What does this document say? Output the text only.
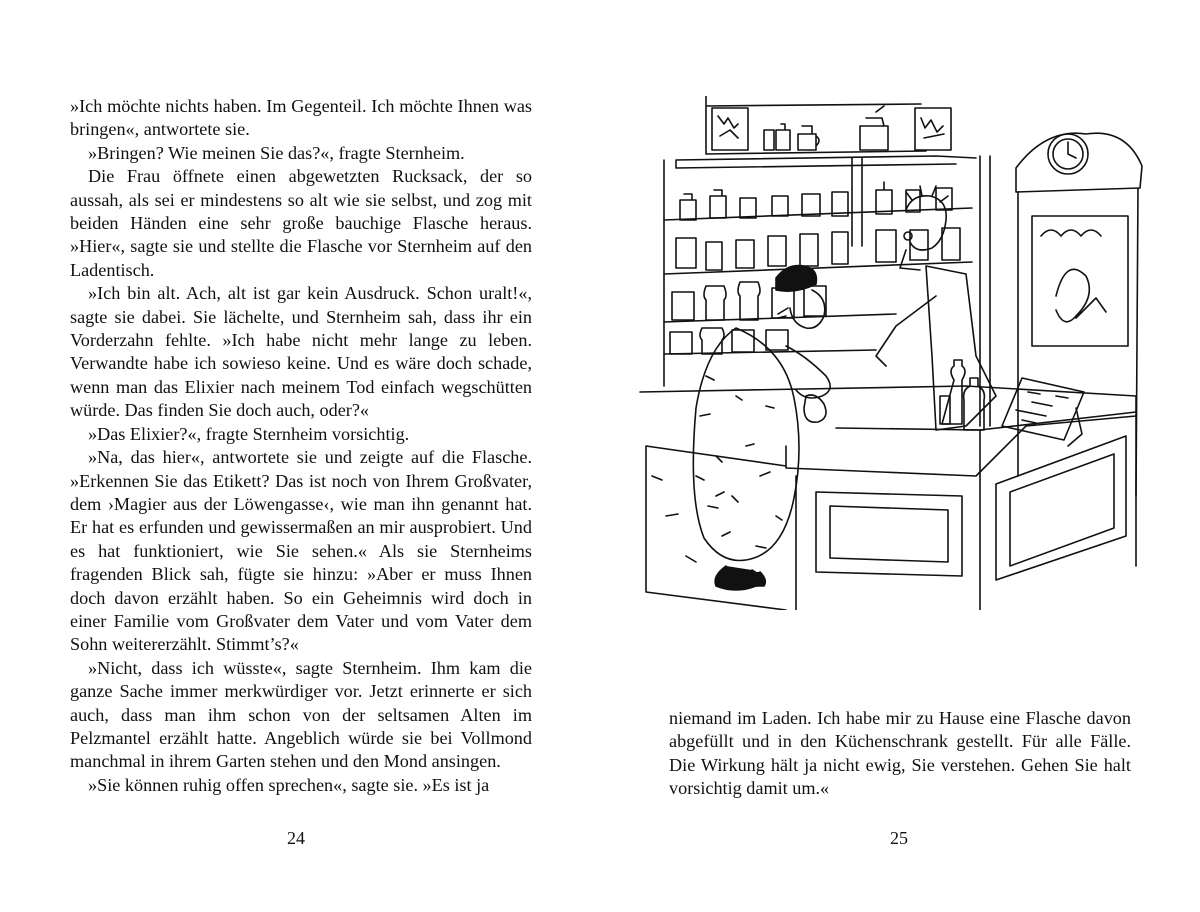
»Ich möchte nichts haben. Im Gegenteil. Ich möchte Ihnen was bringen«, antwortete sie.

»Bringen? Wie meinen Sie das?«, fragte Sternheim.

Die Frau öffnete einen abgewetzten Rucksack, der so aussah, als sei er mindestens so alt wie sie selbst, und zog mit beiden Händen eine sehr große bauchige Flasche heraus. »Hier«, sagte sie und stellte die Flasche vor Sternheim auf den Ladentisch.

»Ich bin alt. Ach, alt ist gar kein Ausdruck. Schon uralt!«, sagte sie dabei. Sie lächelte, und Sternheim sah, dass ihr ein Vorderzahn fehlte. »Ich habe nicht mehr lange zu leben. Verwandte habe ich sowieso keine. Und es wäre doch schade, wenn man das Elixier nach meinem Tod einfach wegschütten würde. Das finden Sie doch auch, oder?«

»Das Elixier?«, fragte Sternheim vorsichtig.

»Na, das hier«, antwortete sie und zeigte auf die Flasche. »Erkennen Sie das Etikett? Das ist noch von Ihrem Großvater, dem ›Magier aus der Löwengasse‹, wie man ihn genannt hat. Er hat es erfunden und gewissermaßen an mir ausprobiert. Und es hat funktioniert, wie Sie sehen.« Als sie Sternheims fragenden Blick sah, fügte sie hinzu: »Aber er muss Ihnen doch davon erzählt haben. So ein Geheimnis wird doch in einer Familie vom Großvater dem Vater und vom Vater dem Sohn weitererzählt. Stimmt’s?«

»Nicht, dass ich wüsste«, sagte Sternheim. Ihm kam die ganze Sache immer merkwürdiger vor. Jetzt erinnerte er sich auch, dass man ihm schon von der seltsamen Alten im Pelzmantel erzählt hatte. Angeblich würde sie bei Vollmond manchmal in ihrem Garten stehen und den Mond ansingen.

»Sie können ruhig offen sprechen«, sagte sie. »Es ist ja

24

niemand im Laden. Ich habe mir zu Hause eine Flasche davon abgefüllt und in den Küchenschrank gestellt. Für alle Fälle. Die Wirkung hält ja nicht ewig, Sie verstehen. Gehen Sie halt vorsichtig damit um.«

25
